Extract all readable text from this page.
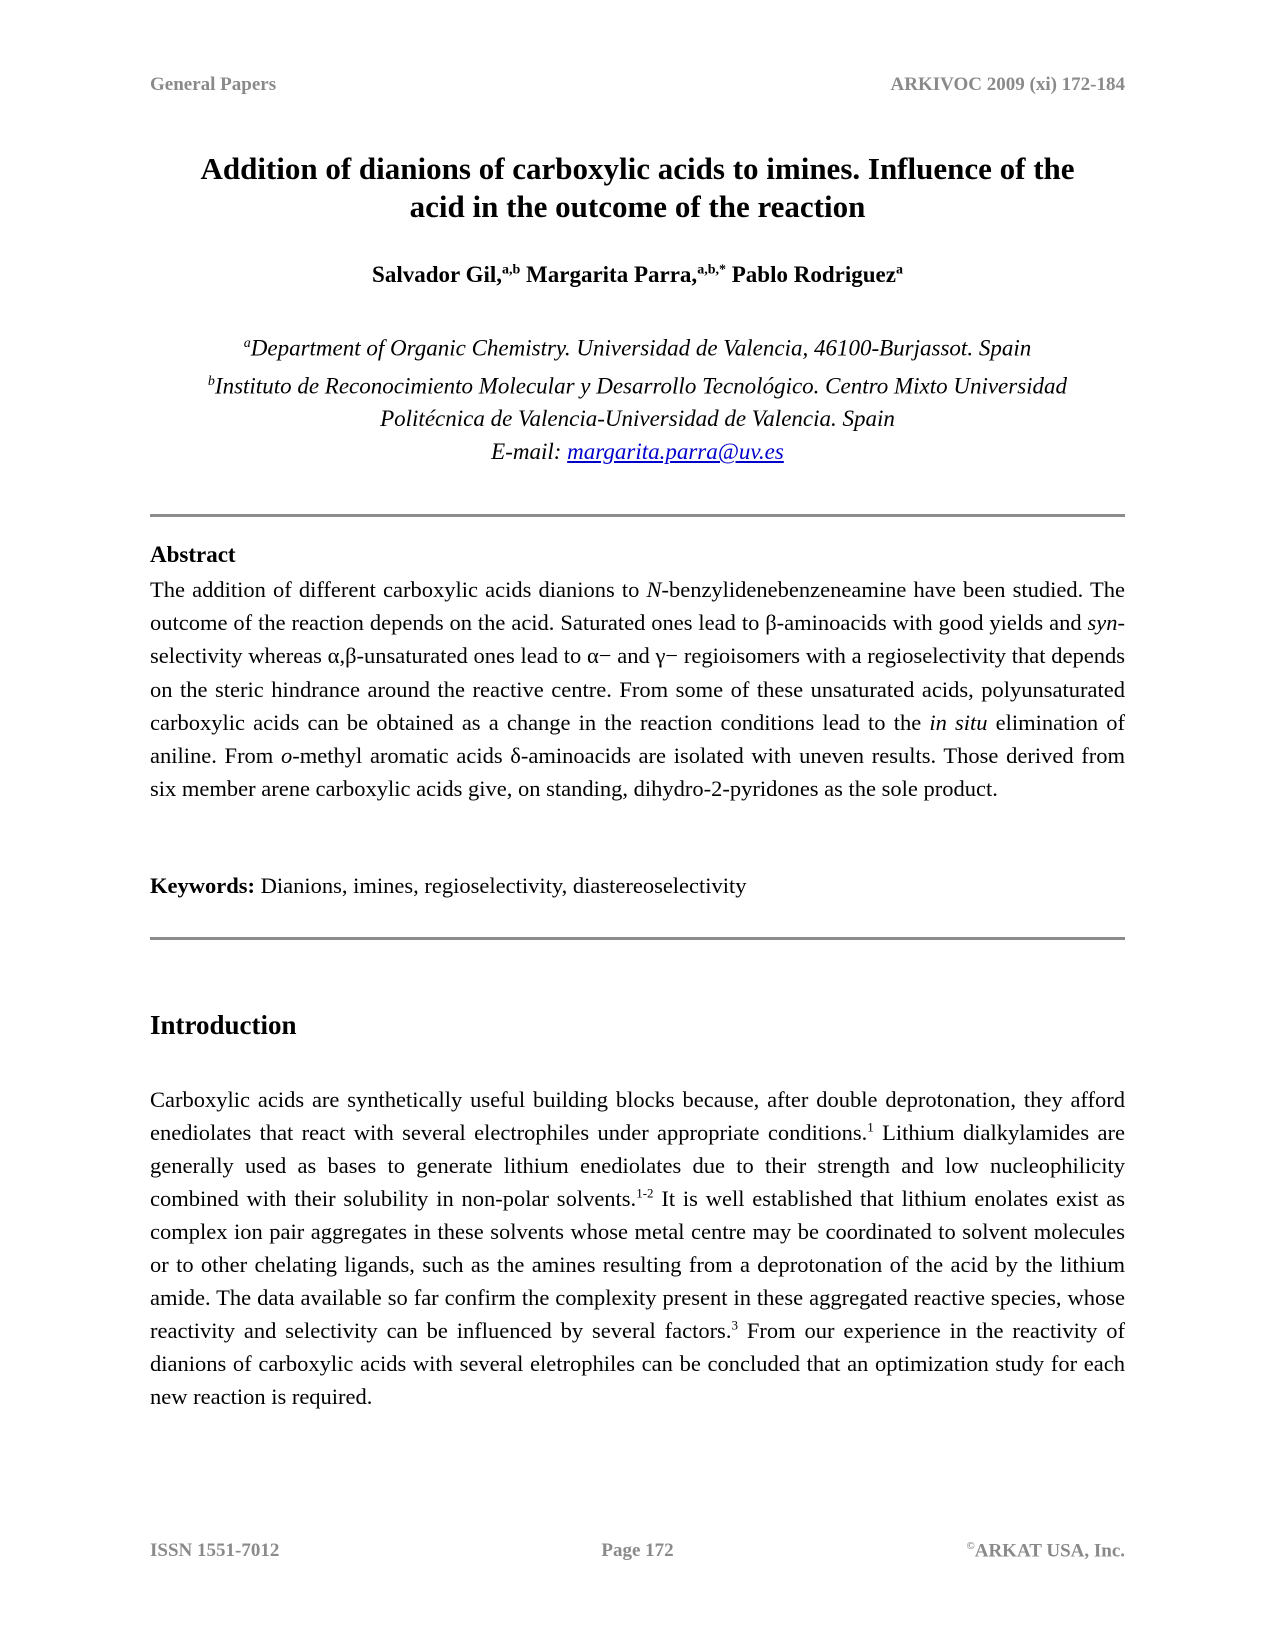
General Papers	ARKIVOC 2009 (xi) 172-184
Addition of dianions of carboxylic acids to imines. Influence of the
acid in the outcome of the reaction
Salvador Gil,$^{a,b}$ Margarita Parra,$^{a,b,*}$ Pablo Rodriguez$^a$
$^a$Department of Organic Chemistry. Universidad de Valencia, 46100-Burjassot. Spain
$^b$Instituto de Reconocimiento Molecular y Desarrollo Tecnológico. Centro Mixto Universidad
Politécnica de Valencia-Universidad de Valencia. Spain
E-mail: margarita.parra@uv.es
Abstract
The addition of different carboxylic acids dianions to N-benzylidenebenzeneamine have been studied. The outcome of the reaction depends on the acid. Saturated ones lead to β-aminoacids with good yields and syn-selectivity whereas α,β-unsaturated ones lead to α− and γ− regioisomers with a regioselectivity that depends on the steric hindrance around the reactive centre. From some of these unsaturated acids, polyunsaturated carboxylic acids can be obtained as a change in the reaction conditions lead to the in situ elimination of aniline. From o-methyl aromatic acids δ-aminoacids are isolated with uneven results. Those derived from six member arene carboxylic acids give, on standing, dihydro-2-pyridones as the sole product.
Keywords: Dianions, imines, regioselectivity, diastereoselectivity
Introduction
Carboxylic acids are synthetically useful building blocks because, after double deprotonation, they afford enediolates that react with several electrophiles under appropriate conditions.$^1$ Lithium dialkylamides are generally used as bases to generate lithium enediolates due to their strength and low nucleophilicity combined with their solubility in non-polar solvents.$^{1-2}$ It is well established that lithium enolates exist as complex ion pair aggregates in these solvents whose metal centre may be coordinated to solvent molecules or to other chelating ligands, such as the amines resulting from a deprotonation of the acid by the lithium amide. The data available so far confirm the complexity present in these aggregated reactive species, whose reactivity and selectivity can be influenced by several factors.$^3$ From our experience in the reactivity of dianions of carboxylic acids with several eletrophiles can be concluded that an optimization study for each new reaction is required.
ISSN 1551-7012	Page 172	©ARKAT USA, Inc.
